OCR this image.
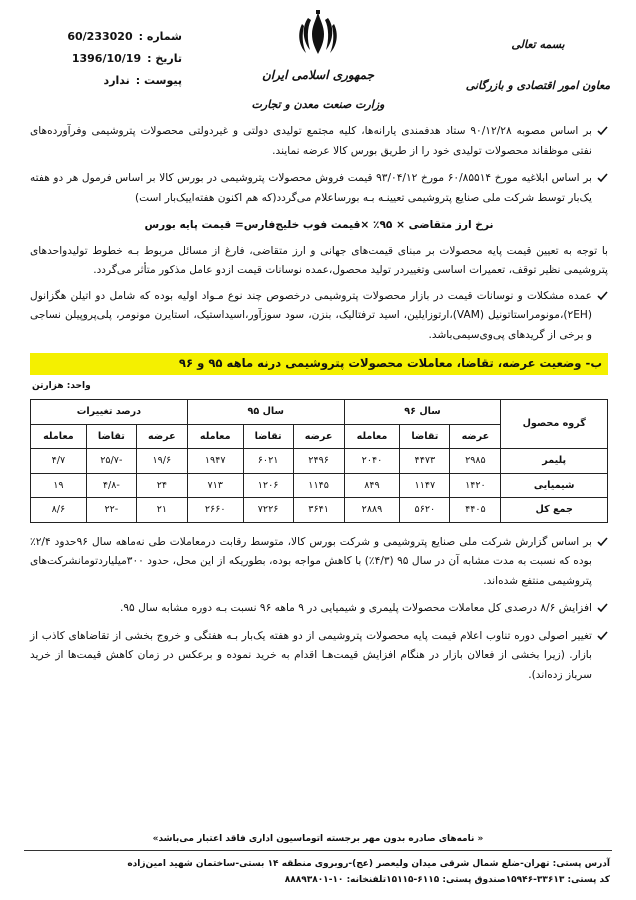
بسمه تعالی
معاون امور اقتصادی و بازرگانی
جمهوری اسلامی ایران
وزارت صنعت معدن و تجارت
شماره :
60/233020
تاریخ :
1396/10/19
پیوست :
ندارد
بر اساس مصوبه ۹۰/۱۲/۲۸ ستاد هدفمندی یارانه‌ها، کلیه مجتمع تولیدی دولتی و غیردولتی محصولات پتروشیمی وفرآورده‌های نفتی موظفاند محصولات تولیدی خود را از طریق بورس کالا عرضه نمایند.
بر اساس ابلاغیه مورخ ۶۰/۸۵۵۱۴ مورخ ۹۳/۰۴/۱۲ قیمت فروش محصولات پتروشیمی در بورس کالا بر اساس فرمول هر دو هفته یک‌بار توسط شرکت ملی صنایع پتروشیمی تعیینـه بـه بورساعلام می‌گردد(که هم اکنون هفته‌اییک‌بار است)
نرخ ارز متقاضی × ۹۵٪ ×قیمت فوب خلیج‌فارس= قیمت پایه بورس
با توجه به تعیین قیمت پایه محصولات بر مبنای قیمت‌های جهانی و ارز متقاضی، فارغ از مسائل مربوط بـه خطوط تولیدواحدهای پتروشیمی نظیر توقف، تعمیرات اساسی وتغییردر تولید محصول،عمده نوسانات قیمت ازدو عامل مذکور متأثر می‌گردد.
عمده مشکلات و نوسانات قیمت در بازار محصولات پتروشیمی درخصوص چند نوع مـواد اولیه بوده که شامل دو اتیلن هگزانول (۲EH)،مونومراستاتونیل (VAM)،ارتوزایلین، اسید ترفتالیک، بنزن، سود سوزآور،اسیداستیک، استایرن مونومر، پلی‌پروپیلن نساجی و برخی از گریدهای پی‌وی‌سیمی‌باشد.
ب- وضعیت عرضه، تقاضا، معاملات محصولات پتروشیمی درنه ماهه ۹۵ و ۹۶
واحد: هزارتن
گروه محصول	سال ۹۶			سال ۹۵			درصد تغییرات		
	عرضه	تقاضا	معامله	عرضه	تقاضا	معامله	عرضه	تقاضا	معامله
پلیمر	۲۹۸۵	۴۴۷۳	۲۰۴۰	۲۴۹۶	۶۰۲۱	۱۹۴۷	۱۹/۶	-۲۵/۷	۴/۷
شیمیایی	۱۴۲۰	۱۱۴۷	۸۴۹	۱۱۴۵	۱۲۰۶	۷۱۳	۲۴	-۴/۸	۱۹
جمع کل	۴۴۰۵	۵۶۲۰	۲۸۸۹	۳۶۴۱	۷۲۲۶	۲۶۶۰	۲۱	-۲۲	۸/۶
بر اساس گزارش شرکت ملی صنایع پتروشیمی و شرکت بورس کالا، متوسط رقابت درمعاملات طی نه‌ماهه سال ۹۶حدود ۲/۴٪ بوده که نسبت به مدت مشابه آن در سال ۹۵ (۴/۳٪) با کاهش مواجه بوده، بطوریکه از این محل، حدود ۳۰۰میلیاردتومانشرکت‌های پتروشیمی منتفع شده‌اند.
افزایش ۸/۶ درصدی کل معاملات محصولات پلیمری و شیمیایی در ۹ ماهه ۹۶ نسبت بـه دوره مشابه سال ۹۵.
تغییر اصولی دوره تناوب اعلام قیمت پایه محصولات پتروشیمی از دو هفته یک‌بار بـه هفتگی و خروج بخشی از تقاضاهای کاذب از بازار. (زیرا بخشی از فعالان بازار در هنگام افزایش قیمت‌هـا اقدام به خرید نموده و برعکس در زمان کاهش قیمت‌ها از خرید سرباز زده‌اند).
« نامه‌های صادره بدون مهر برجسته اتوماسیون اداری فاقد اعتبار می‌باشد»
آدرس پستی: تهران-ضلع شمال شرقی میدان ولیعصر (عج)-روبروی منطقه ۱۴ بستی-ساختمان شهید امین‌زاده
کد پستی: ۳۳۶۱۳-۱۵۹۴۶صندوق پستی: ۶۱۱۵-۱۵۱۱۵تلفنخانه: ۱۰-۸۸۸۹۳۸۰۱
